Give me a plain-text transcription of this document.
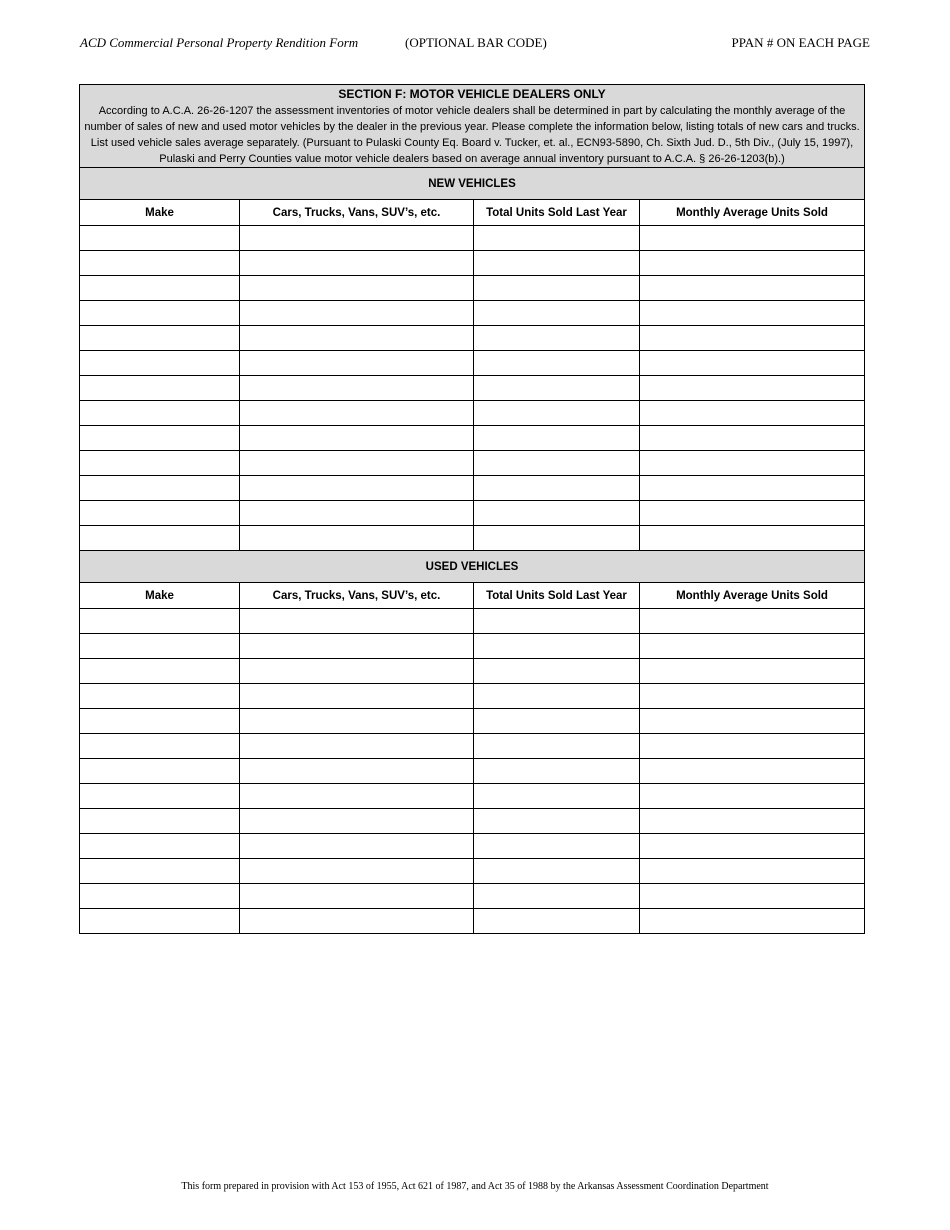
ACD Commercial Personal Property Rendition Form	(OPTIONAL BAR CODE)	PPAN # ON EACH PAGE
SECTION F: MOTOR VEHICLE DEALERS ONLY
According to A.C.A. 26-26-1207 the assessment inventories of motor vehicle dealers shall be determined in part by calculating the monthly average of the number of sales of new and used motor vehicles by the dealer in the previous year. Please complete the information below, listing totals of new cars and trucks. List used vehicle sales average separately. (Pursuant to Pulaski County Eq. Board v. Tucker, et. al., ECN93-5890, Ch. Sixth Jud. D., 5th Div., (July 15, 1997), Pulaski and Perry Counties value motor vehicle dealers based on average annual inventory pursuant to A.C.A. § 26-26-1203(b).)			

NEW VEHICLES			
Make	Cars, Trucks, Vans, SUV’s, etc.	Total Units Sold Last Year	Monthly Average Units Sold

USED VEHICLES			
Make	Cars, Trucks, Vans, SUV’s, etc.	Total Units Sold Last Year	Monthly Average Units Sold

This form prepared in provision with Act 153 of 1955, Act 621 of 1987, and Act 35 of 1988 by the Arkansas Assessment Coordination Department
